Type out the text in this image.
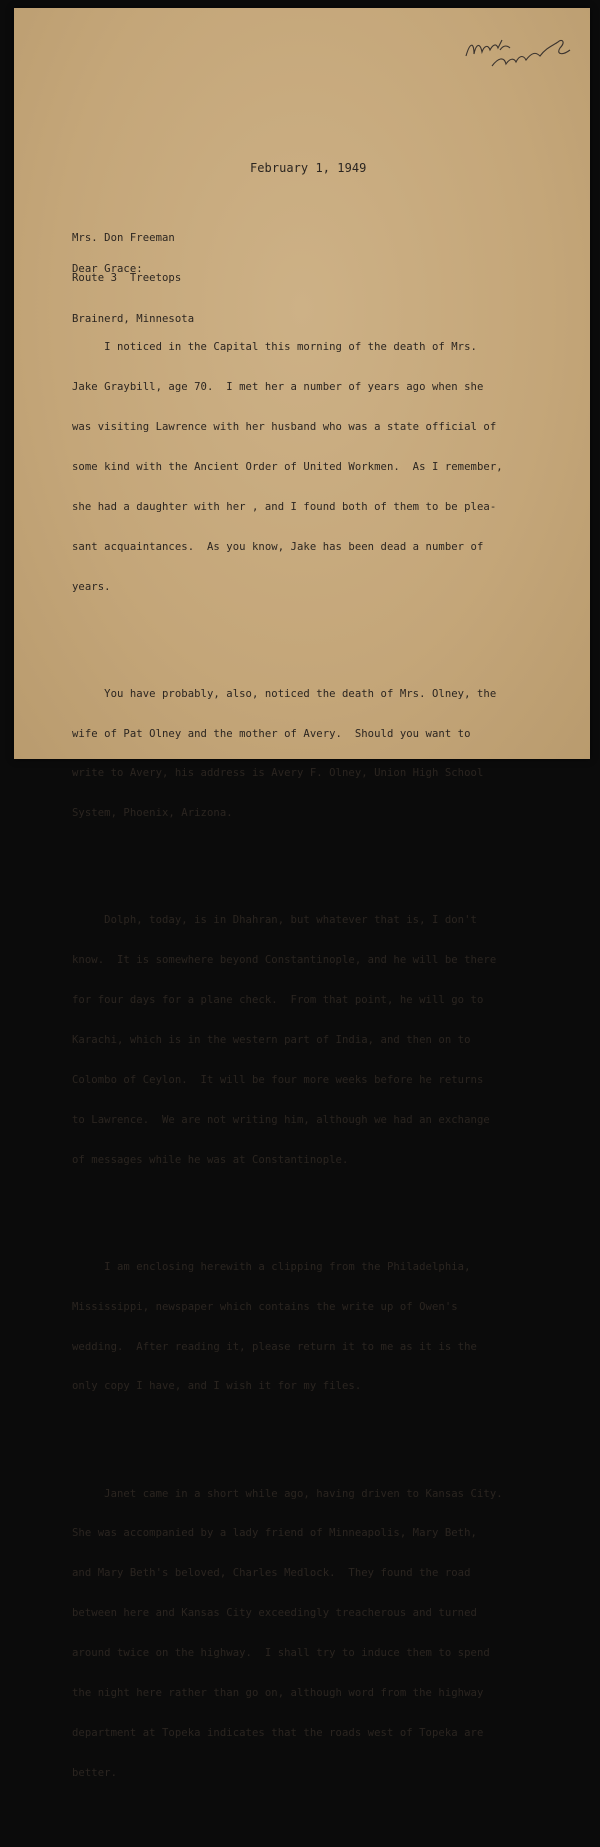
February 1, 1949

Mrs. Don Freeman

Route 3  Treetops

Brainerd, Minnesota

Dear Grace:

I noticed in the Capital this morning of the death of Mrs.

Jake Graybill, age 70.  I met her a number of years ago when she

was visiting Lawrence with her husband who was a state official of

some kind with the Ancient Order of United Workmen.  As I remember,

she had a daughter with her , and I found both of them to be plea-

sant acquaintances.  As you know, Jake has been dead a number of

years.

You have probably, also, noticed the death of Mrs. Olney, the

wife of Pat Olney and the mother of Avery.  Should you want to

write to Avery, his address is Avery F. Olney, Union High School

System, Phoenix, Arizona.

Dolph, today, is in Dhahran, but whatever that is, I don't

know.  It is somewhere beyond Constantinople, and he will be there

for four days for a plane check.  From that point, he will go to

Karachi, which is in the western part of India, and then on to

Colombo of Ceylon.  It will be four more weeks before he returns

to Lawrence.  We are not writing him, although we had an exchange

of messages while he was at Constantinople.

I am enclosing herewith a clipping from the Philadelphia,

Mississippi, newspaper which contains the write up of Owen's

wedding.  After reading it, please return it to me as it is the

only copy I have, and I wish it for my files.

Janet came in a short while ago, having driven to Kansas City.

She was accompanied by a lady friend of Minneapolis, Mary Beth,

and Mary Beth's beloved, Charles Medlock.  They found the road

between here and Kansas City exceedingly treacherous and turned

around twice on the highway.  I shall try to induce them to spend

the night here rather than go on, although word from the highway

department at Topeka indicates that the roads west of Topeka are

better.
